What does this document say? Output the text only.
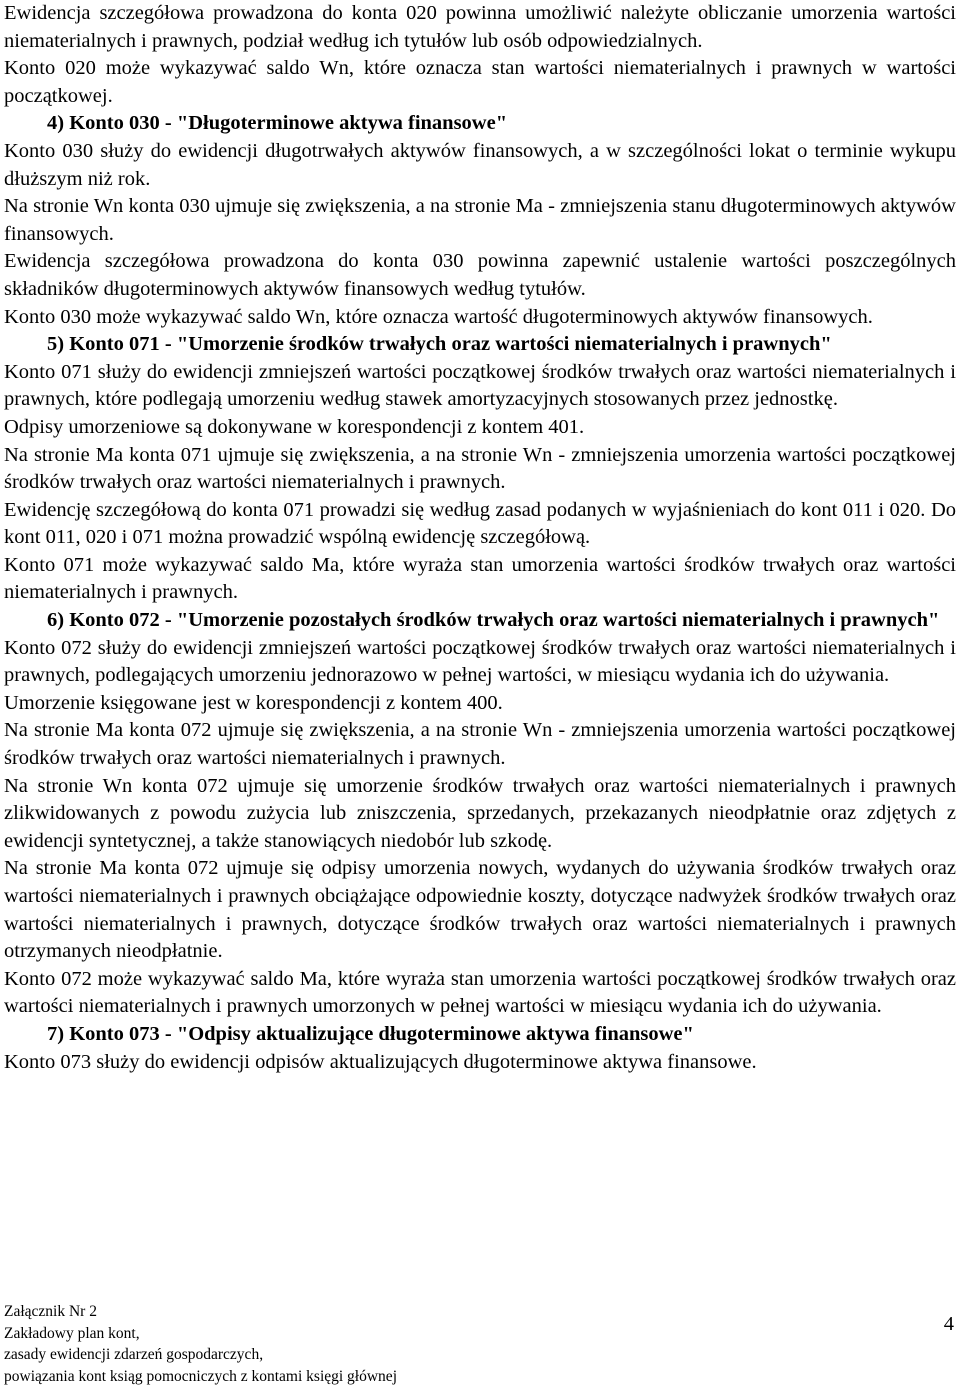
Ewidencja szczegółowa prowadzona do konta 020 powinna umożliwić należyte obliczanie umorzenia wartości niematerialnych i prawnych, podział według ich tytułów lub osób odpowiedzialnych.

Konto 020 może wykazywać saldo Wn, które oznacza stan wartości niematerialnych i prawnych w wartości początkowej.

4) Konto 030 - "Długoterminowe aktywa finansowe"

Konto 030 służy do ewidencji długotrwałych aktywów finansowych, a w szczególności lokat o terminie wykupu dłuższym niż rok.

Na stronie Wn konta 030 ujmuje się zwiększenia, a na stronie Ma - zmniejszenia stanu długoterminowych aktywów finansowych.

Ewidencja szczegółowa prowadzona do konta 030 powinna zapewnić ustalenie wartości poszczególnych składników długoterminowych aktywów finansowych według tytułów.

Konto 030 może wykazywać saldo Wn, które oznacza wartość długoterminowych aktywów finansowych.

5) Konto 071 - "Umorzenie środków trwałych oraz wartości niematerialnych i prawnych"

Konto 071 służy do ewidencji zmniejszeń wartości początkowej środków trwałych oraz wartości niematerialnych i prawnych, które podlegają umorzeniu według stawek amortyzacyjnych stosowanych przez jednostkę.

Odpisy umorzeniowe są dokonywane w korespondencji z kontem 401.

Na stronie Ma konta 071 ujmuje się zwiększenia, a na stronie Wn - zmniejszenia umorzenia wartości początkowej środków trwałych oraz wartości niematerialnych i prawnych.

Ewidencję szczegółową do konta 071 prowadzi się według zasad podanych w wyjaśnieniach do kont 011 i 020. Do kont 011, 020 i 071 można prowadzić wspólną ewidencję szczegółową.

Konto 071 może wykazywać saldo Ma, które wyraża stan umorzenia wartości środków trwałych oraz wartości niematerialnych i prawnych.

6) Konto 072 - "Umorzenie pozostałych środków trwałych oraz wartości niematerialnych i prawnych"

Konto 072 służy do ewidencji zmniejszeń wartości początkowej środków trwałych oraz wartości niematerialnych i prawnych, podlegających umorzeniu jednorazowo w pełnej wartości, w miesiącu wydania ich do używania.

Umorzenie księgowane jest w korespondencji z kontem 400.

Na stronie Ma konta 072 ujmuje się zwiększenia, a na stronie Wn - zmniejszenia umorzenia wartości początkowej środków trwałych oraz wartości niematerialnych i prawnych.

Na stronie Wn konta 072 ujmuje się umorzenie środków trwałych oraz wartości niematerialnych i prawnych zlikwidowanych z powodu zużycia lub zniszczenia, sprzedanych, przekazanych nieodpłatnie oraz zdjętych z ewidencji syntetycznej, a także stanowiących niedobór lub szkodę.

Na stronie Ma konta 072 ujmuje się odpisy umorzenia nowych, wydanych do używania środków trwałych oraz wartości niematerialnych i prawnych obciążające odpowiednie koszty, dotyczące nadwyżek środków trwałych oraz wartości niematerialnych i prawnych, dotyczące środków trwałych oraz wartości niematerialnych i prawnych otrzymanych nieodpłatnie.

Konto 072 może wykazywać saldo Ma, które wyraża stan umorzenia wartości początkowej środków trwałych oraz wartości niematerialnych i prawnych umorzonych w pełnej wartości w miesiącu wydania ich do używania.

7) Konto 073 - "Odpisy aktualizujące długoterminowe aktywa finansowe"

Konto 073 służy do ewidencji odpisów aktualizujących długoterminowe aktywa finansowe.

Załącznik Nr 2
Zakładowy plan kont,
zasady ewidencji zdarzeń gospodarczych,
powiązania kont ksiąg pomocniczych z kontami księgi głównej
4
